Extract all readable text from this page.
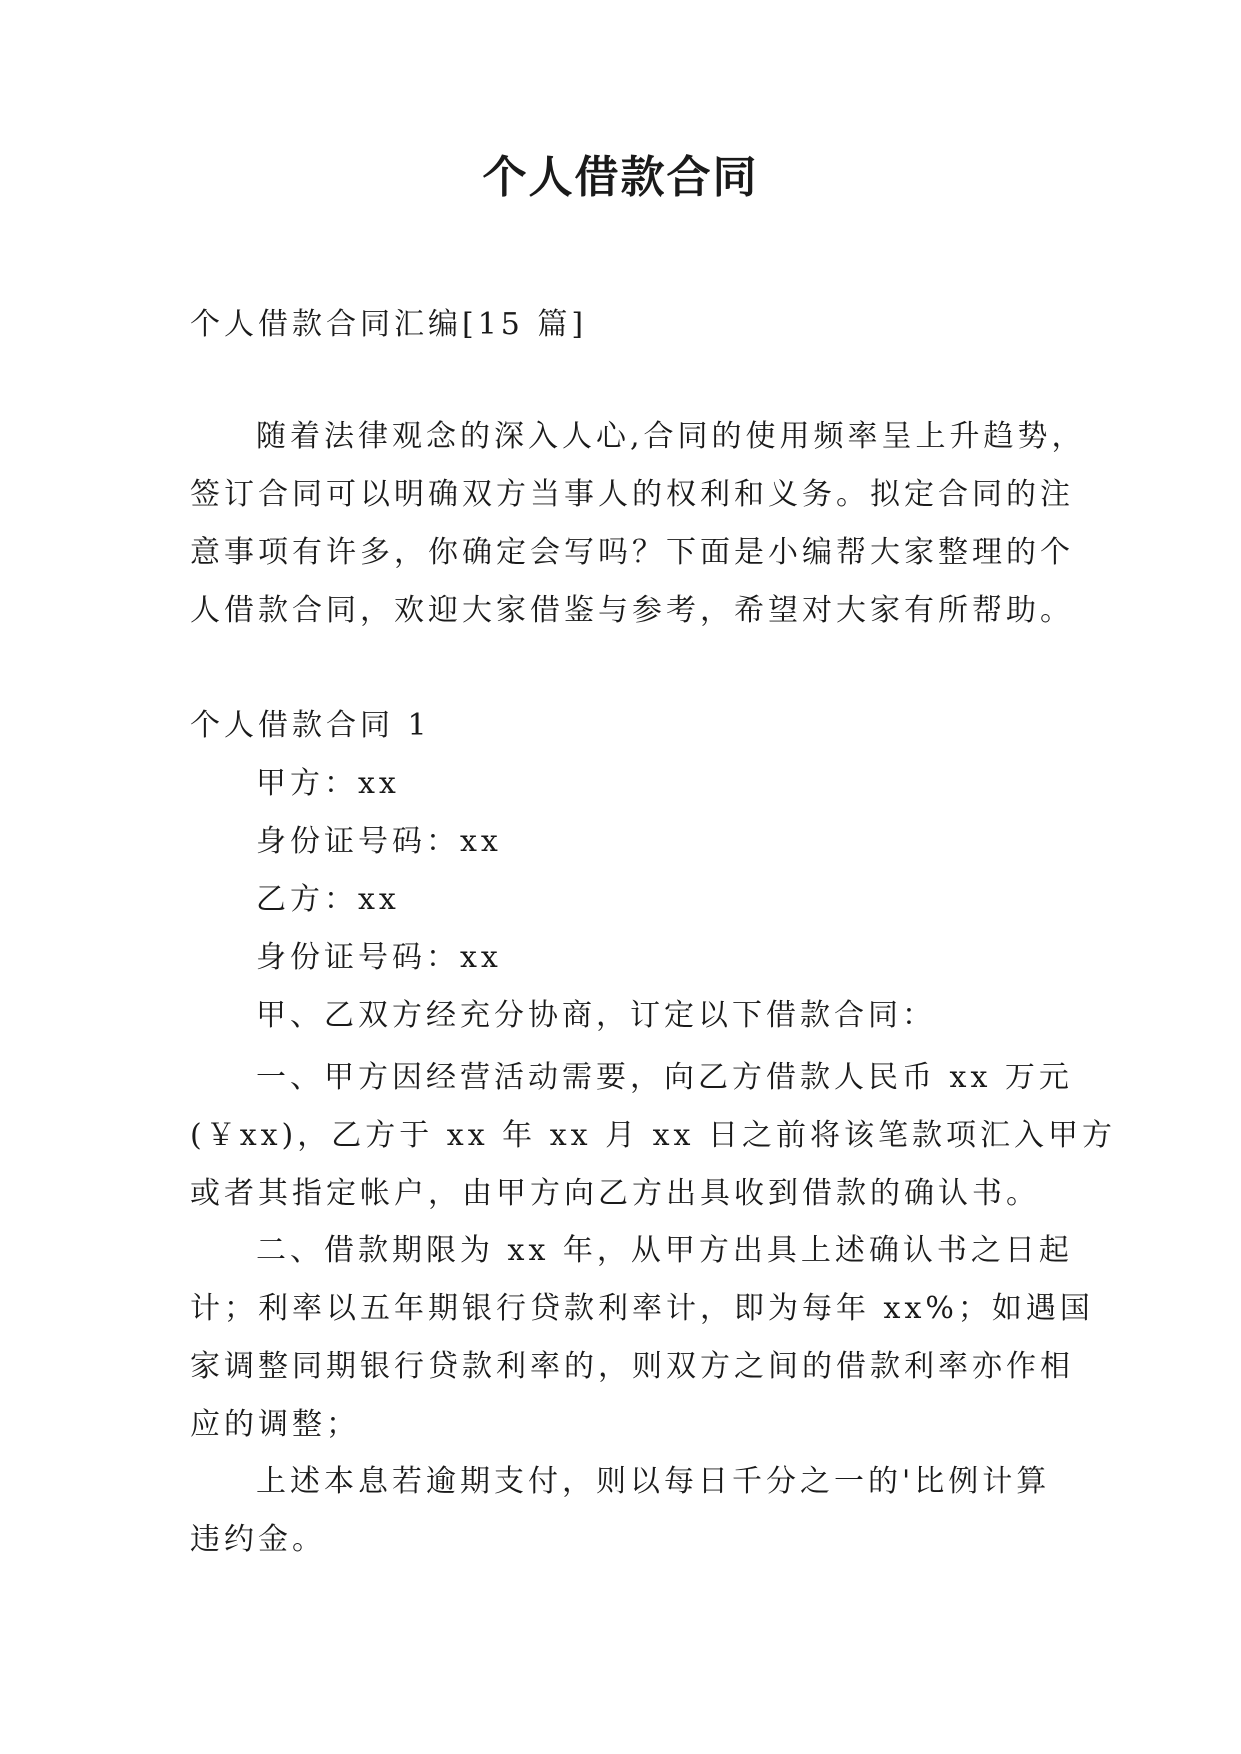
个人借款合同

个人借款合同汇编[15 篇]

随着法律观念的深入人心,合同的使用频率呈上升趋势，
签订合同可以明确双方当事人的权利和义务。拟定合同的注
意事项有许多，你确定会写吗？下面是小编帮大家整理的个
人借款合同，欢迎大家借鉴与参考，希望对大家有所帮助。

个人借款合同 1

甲方：xx

身份证号码：xx

乙方：xx

身份证号码：xx

甲、乙双方经充分协商，订定以下借款合同：

一、甲方因经营活动需要，向乙方借款人民币 xx 万元
(￥xx)，乙方于 xx 年 xx 月 xx 日之前将该笔款项汇入甲方
或者其指定帐户，由甲方向乙方出具收到借款的确认书。
二、借款期限为 xx 年，从甲方出具上述确认书之日起
计；利率以五年期银行贷款利率计，即为每年 xx%；如遇国
家调整同期银行贷款利率的，则双方之间的借款利率亦作相
应的调整；
上述本息若逾期支付，则以每日千分之一的'比例计算
违约金。
